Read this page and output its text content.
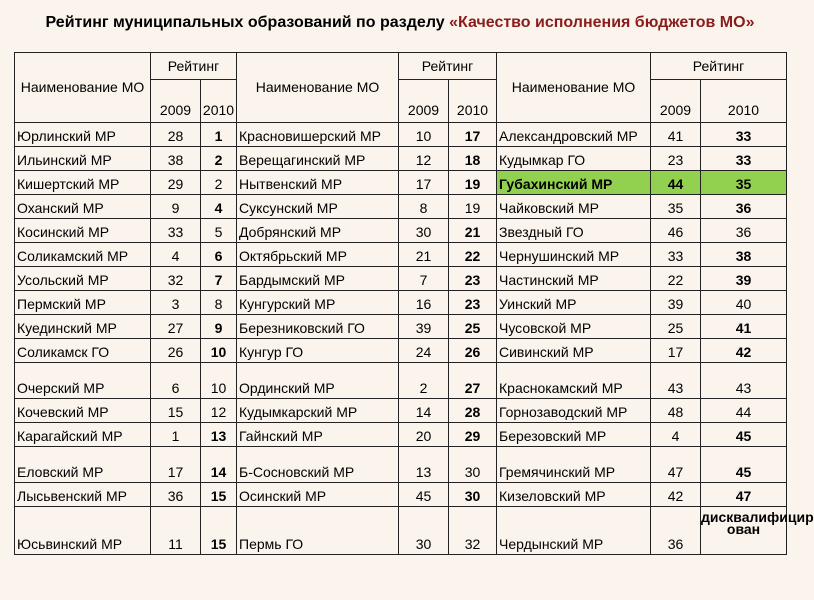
Рейтинг муниципальных образований по разделу «Качество исполнения бюджетов МО»
Наименование МО	Рейтинг		Наименование МО	Рейтинг		Наименование МО	Рейтинг	
	2009	2010		2009	2010		2009	2010
Юрлинский МР	28	1	Красновишерский МР	10	17	Александровский МР	41	33
Ильинский МР	38	2	Верещагинский МР	12	18	Кудымкар ГО	23	33
Кишертский МР	29	2	Нытвенский МР	17	19	Губахинский МР	44	35
Оханский МР	9	4	Суксунский МР	8	19	Чайковский МР	35	36
Косинский МР	33	5	Добрянский МР	30	21	Звездный ГО	46	36
Соликамский МР	4	6	Октябрьский МР	21	22	Чернушинский МР	33	38
Усольский МР	32	7	Бардымский МР	7	23	Частинский МР	22	39
Пермский МР	3	8	Кунгурский МР	16	23	Уинский МР	39	40
Куединский МР	27	9	Березниковский ГО	39	25	Чусовской МР	25	41
Соликамск ГО	26	10	Кунгур ГО	24	26	Сивинский МР	17	42
Очерский МР	6	10	Ординский МР	2	27	Краснокамский МР	43	43
Кочевский МР	15	12	Кудымкарский МР	14	28	Горнозаводский МР	48	44
Карагайский МР	1	13	Гайнский МР	20	29	Березовский МР	4	45
Еловский МР	17	14	Б-Сосновский МР	13	30	Гремячинский МР	47	45
Лысьвенский МР	36	15	Осинский МР	45	30	Кизеловский МР	42	47
Юсьвинский МР	11	15	Пермь ГО	30	32	Чердынский МР	36	дисквалифицир ован
